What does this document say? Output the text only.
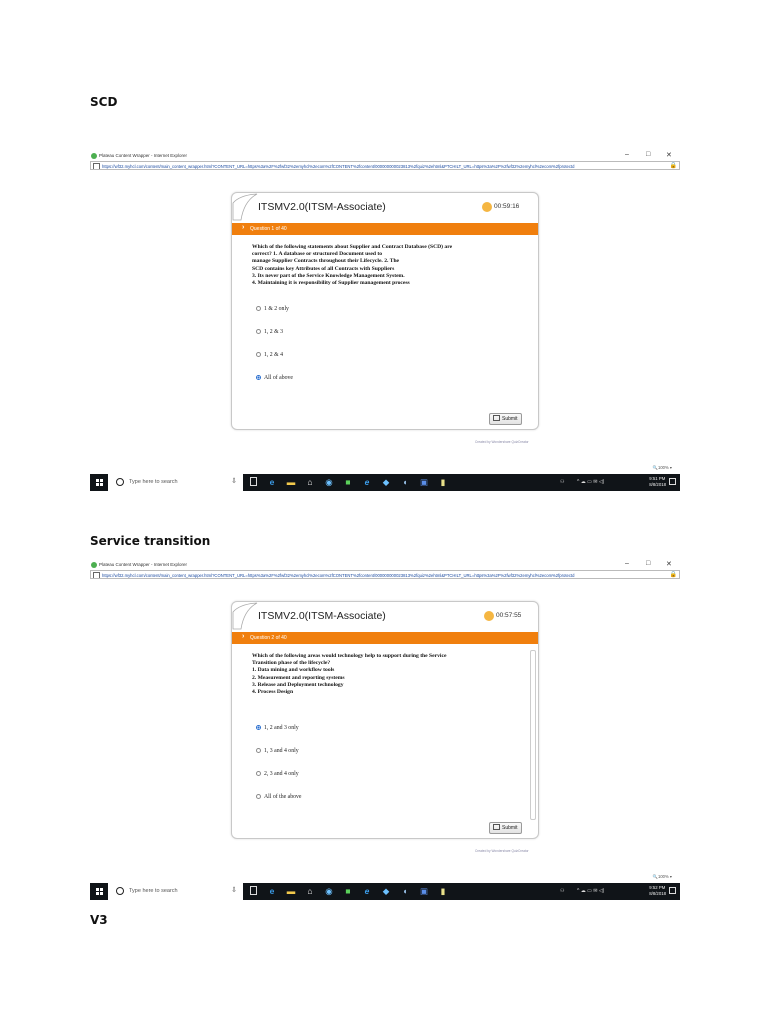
SCD
Service transition
V3
Plateau Content Wrapper - Internet Explorer	– □ ✕
https://wf32.myhcl.com/content/main_content_wrapper.html?CONTENT_URL=https%3a%2F%2fwf32%2emyhcl%2ecom%2fCONTENT%2fcontent/000000000023813%2fquiz%2ehtml&PTCHILT_URL=https%3a%2F%2fwf32%2emyhcl%2ecom%2fprotectd	🔒
ITSMV2.0(ITSM-Associate)	00:59:16
› Question 1 of 40
Which of the following statements about Supplier and Contract Database (SCD) are
correct? 1. A database or structured Document used to
manage Supplier Contracts throughout their Lifecycle. 2. The
SCD contains key Attributes of all Contracts with Suppliers
3. Its never part of the Service Knowledge Management System.
4. Maintaining it is responsibility of Supplier management process
1 & 2 only
1, 2 & 3
1, 2 & 4
All of above
Submit
Created by Wondershare QuizCreator
🔍100% ▾
Type here to search	⇩	e	▬ ⌂ ◉ ■	e	◆ ◖ ▣	▮	⚇	^ ☁ ▭ ✉ ◁)
9:51 PM
8/8/2018
Plateau Content Wrapper - Internet Explorer	– □ ✕
https://wf32.myhcl.com/content/main_content_wrapper.html?CONTENT_URL=https%3a%2F%2fwf32%2emyhcl%2ecom%2fCONTENT%2fcontent/000000000023813%2fquiz%2ehtml&PTCHILT_URL=https%3a%2F%2fwf32%2emyhcl%2ecom%2fprotectd	🔒
ITSMV2.0(ITSM-Associate)	00:57:55
› Question 2 of 40
Which of the following areas would technology help to support during the Service
Transition phase of the lifecycle?
1. Data mining and workflow tools
2. Measurement and reporting systems
3. Release and Deployment technology
4. Process Design
1, 2 and 3 only
1, 3 and 4 only
2, 3 and 4 only
All of the above
Submit
Created by Wondershare QuizCreator
🔍100% ▾
Type here to search	⇩	e	▬ ⌂ ◉ ■	e	◆ ◖ ▣	▮	⚇	^ ☁ ▭ ✉ ◁)
9:52 PM
8/8/2018
